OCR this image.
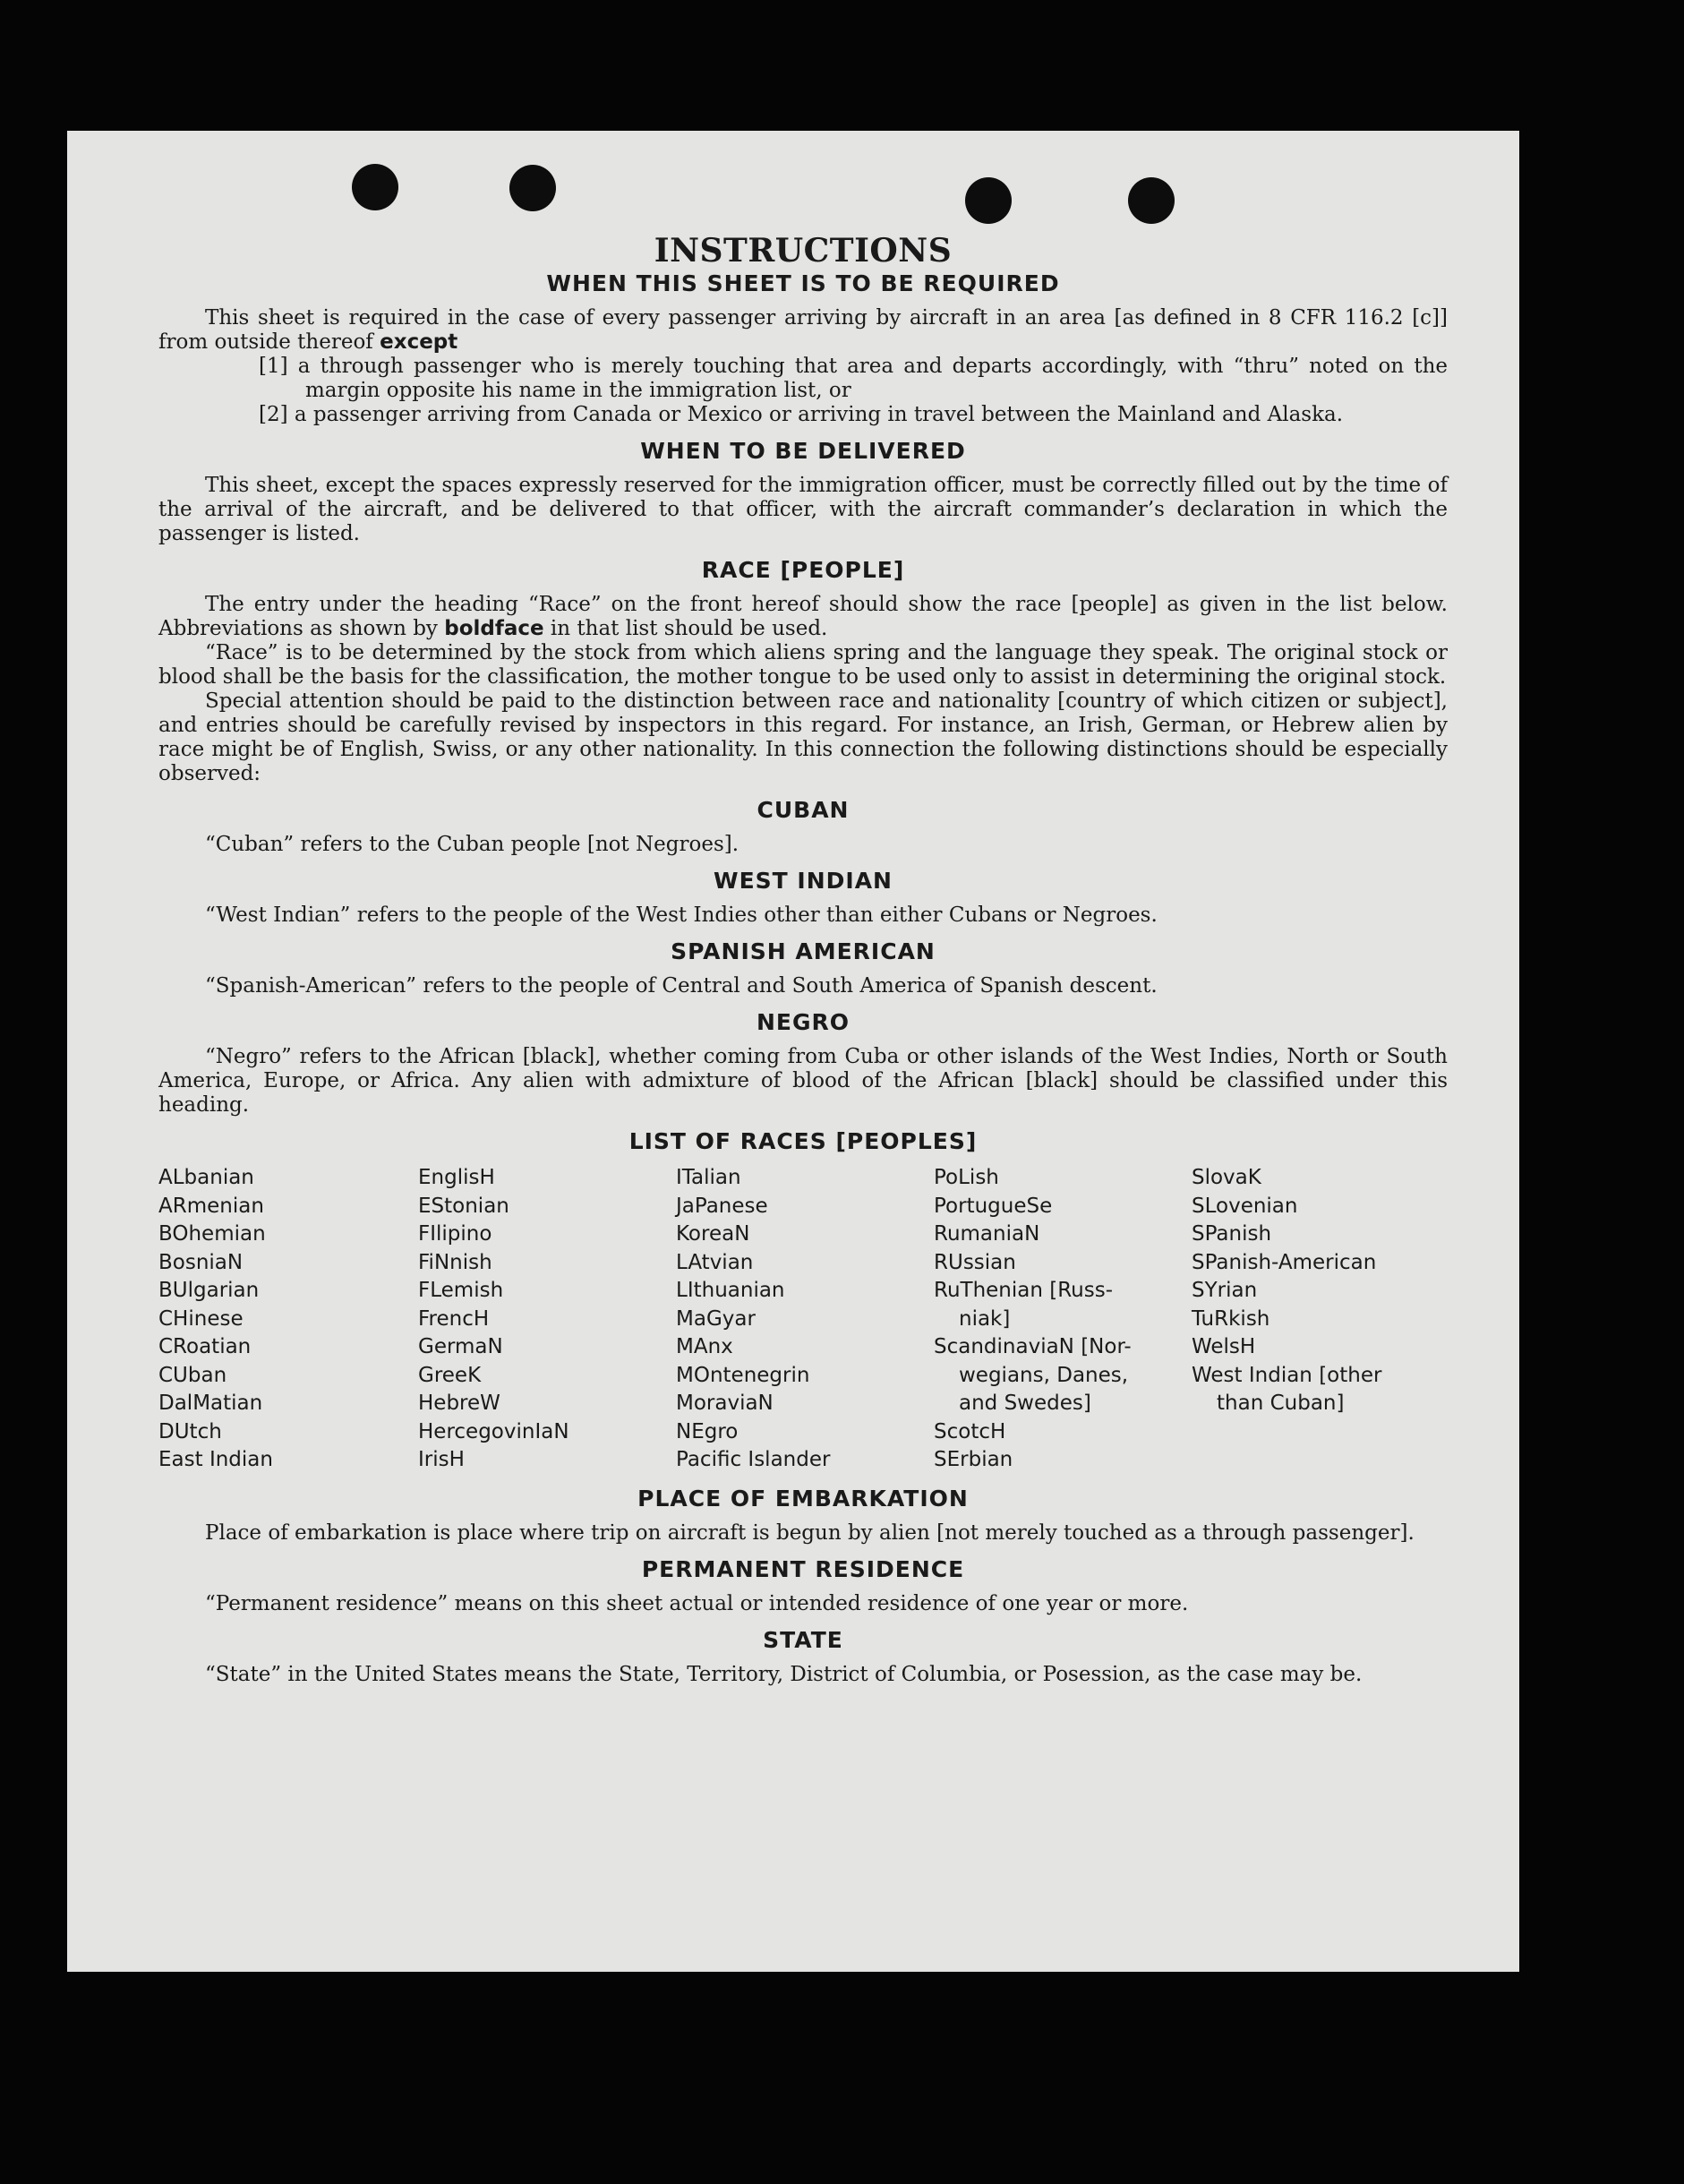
INSTRUCTIONS
WHEN THIS SHEET IS TO BE REQUIRED

This sheet is required in the case of every passenger arriving by aircraft in an area [as defined in 8 CFR 116.2 [c]] from outside thereof except

[1] a through passenger who is merely touching that area and departs accordingly, with “thru” noted on the margin opposite his name in the immigration list, or
[2] a passenger arriving from Canada or Mexico or arriving in travel between the Mainland and Alaska.
WHEN TO BE DELIVERED

This sheet, except the spaces expressly reserved for the immigration officer, must be correctly filled out by the time of the arrival of the aircraft, and be delivered to that officer, with the aircraft commander’s declaration in which the passenger is listed.

RACE [PEOPLE]

The entry under the heading “Race” on the front hereof should show the race [people] as given in the list below. Abbreviations as shown by boldface in that list should be used.

“Race” is to be determined by the stock from which aliens spring and the language they speak. The original stock or blood shall be the basis for the classification, the mother tongue to be used only to assist in determining the original stock.

Special attention should be paid to the distinction between race and nationality [country of which citizen or subject], and entries should be carefully revised by inspectors in this regard. For instance, an Irish, German, or Hebrew alien by race might be of English, Swiss, or any other nationality. In this connection the following distinctions should be especially observed:

CUBAN

“Cuban” refers to the Cuban people [not Negroes].

WEST INDIAN

“West Indian” refers to the people of the West Indies other than either Cubans or Negroes.

SPANISH AMERICAN

“Spanish-American” refers to the people of Central and South America of Spanish descent.

NEGRO

“Negro” refers to the African [black], whether coming from Cuba or other islands of the West Indies, North or South America, Europe, or Africa. Any alien with admixture of blood of the African [black] should be classified under this heading.

LIST OF RACES [PEOPLES]
ALbanian
ARmenian
BOhemian
BosniaN
BUlgarian
CHinese
CRoatian
CUban
DalMatian
DUtch
East Indian
EnglisH
EStonian
FIlipino
FiNnish
FLemish
FrencH
GermaN
GreeK
HebreW
HercegovinIaN
IrisH
ITalian
JaPanese
KoreaN
LAtvian
LIthuanian
MaGyar
MAnx
MOntenegrin
MoraviaN
NEgro
Pacific Islander
PoLish
PortugueSe
RumaniaN
RUssian
RuThenian [Russ-
niak]
ScandinaviaN [Nor-
wegians, Danes,
and Swedes]
ScotcH
SErbian
SlovaK
SLovenian
SPanish
SPanish-American
SYrian
TuRkish
WelsH
West Indian [other
than Cuban]
PLACE OF EMBARKATION

Place of embarkation is place where trip on aircraft is begun by alien [not merely touched as a through passenger].

PERMANENT RESIDENCE

“Permanent residence” means on this sheet actual or intended residence of one year or more.

STATE

“State” in the United States means the State, Territory, District of Columbia, or Posession, as the case may be.
